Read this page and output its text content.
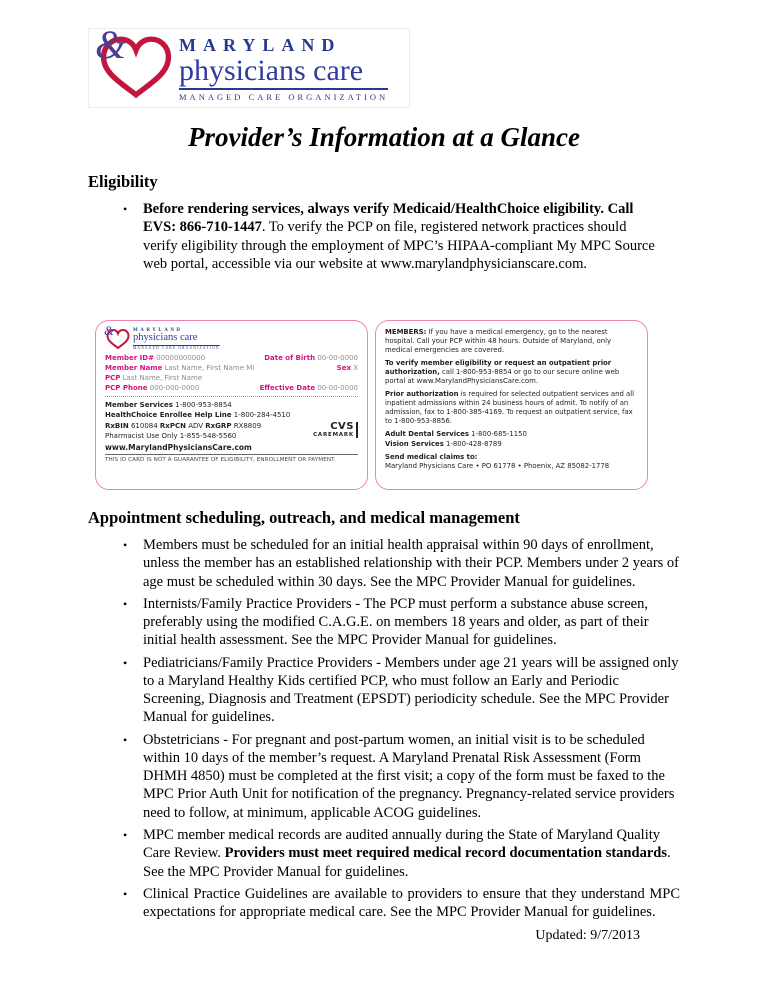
&	MARYLAND
physicians care
MANAGED CARE ORGANIZATION
Provider’s Information at a Glance
Eligibility
•	Before rendering services, always verify Medicaid/HealthChoice eligibility. Call EVS: 866-710-1447. To verify the PCP on file, registered network practices should verify eligibility through the employment of MPC’s HIPAA-compliant My MPC Source web portal, accessible via our website at www.marylandphysicianscare.com.
&	MARYLAND
physicians care
MANAGED CARE ORGANIZATION
Member ID# 00000000000	Date of Birth 00-00-0000
Member Name Last Name, First Name MI	Sex X
PCP Last Name, First Name
PCP Phone 000-000-0000	Effective Date 00-00-0000
Member Services 1-800-953-8854
HealthChoice Enrollee Help Line 1-800-284-4510
RxBIN 610084 RxPCN ADV RxGRP RX8809
Pharmacist Use Only 1-855-548-5560
CVS
CAREMARK
www.MarylandPhysiciansCare.com
THIS ID CARD IS NOT A GUARANTEE OF ELIGIBILITY, ENROLLMENT OR PAYMENT.

MEMBERS: If you have a medical emergency, go to the nearest hospital. Call your PCP within 48 hours. Outside of Maryland, only medical emergencies are covered.

To verify member eligibility or request an outpatient prior authorization, call 1-800-953-8854 or go to our secure online web portal at www.MarylandPhysiciansCare.com.

Prior authorization is required for selected outpatient services and all inpatient admissions within 24 business hours of admit. To notify of an admission, fax to 1-800-385-4169. To request an outpatient service, fax to 1-800-953-8856.

Adult Dental Services 1-800-685-1150

Vision Services 1-800-428-8789

Send medical claims to:
Maryland Physicians Care • PO 61778 • Phoenix, AZ 85082-1778

Appointment scheduling, outreach, and medical management
•	Members must be scheduled for an initial health appraisal within 90 days of enrollment, unless the member has an established relationship with their PCP. Members under 2 years of age must be scheduled within 30 days. See the MPC Provider Manual for guidelines.
•	Internists/Family Practice Providers - The PCP must perform a substance abuse screen, preferably using the modified C.A.G.E. on members 18 years and older, as part of their initial health assessment. See the MPC Provider Manual for guidelines.
•	Pediatricians/Family Practice Providers - Members under age 21 years will be assigned only to a Maryland Healthy Kids certified PCP, who must follow an Early and Periodic Screening, Diagnosis and Treatment (EPSDT) periodicity schedule. See the MPC Provider Manual for guidelines.
•	Obstetricians - For pregnant and post-partum women, an initial visit is to be scheduled within 10 days of the member’s request. A Maryland Prenatal Risk Assessment (Form DHMH 4850) must be completed at the first visit; a copy of the form must be faxed to the MPC Prior Auth Unit for notification of the pregnancy. Pregnancy-related service providers need to follow, at minimum, applicable ACOG guidelines.
•	MPC member medical records are audited annually during the State of Maryland Quality Care Review. Providers must meet required medical record documentation standards. See the MPC Provider Manual for guidelines.
•	Clinical Practice Guidelines are available to providers to ensure that they understand MPC expectations for appropriate medical care. See the MPC Provider Manual for guidelines.
Updated: 9/7/2013
